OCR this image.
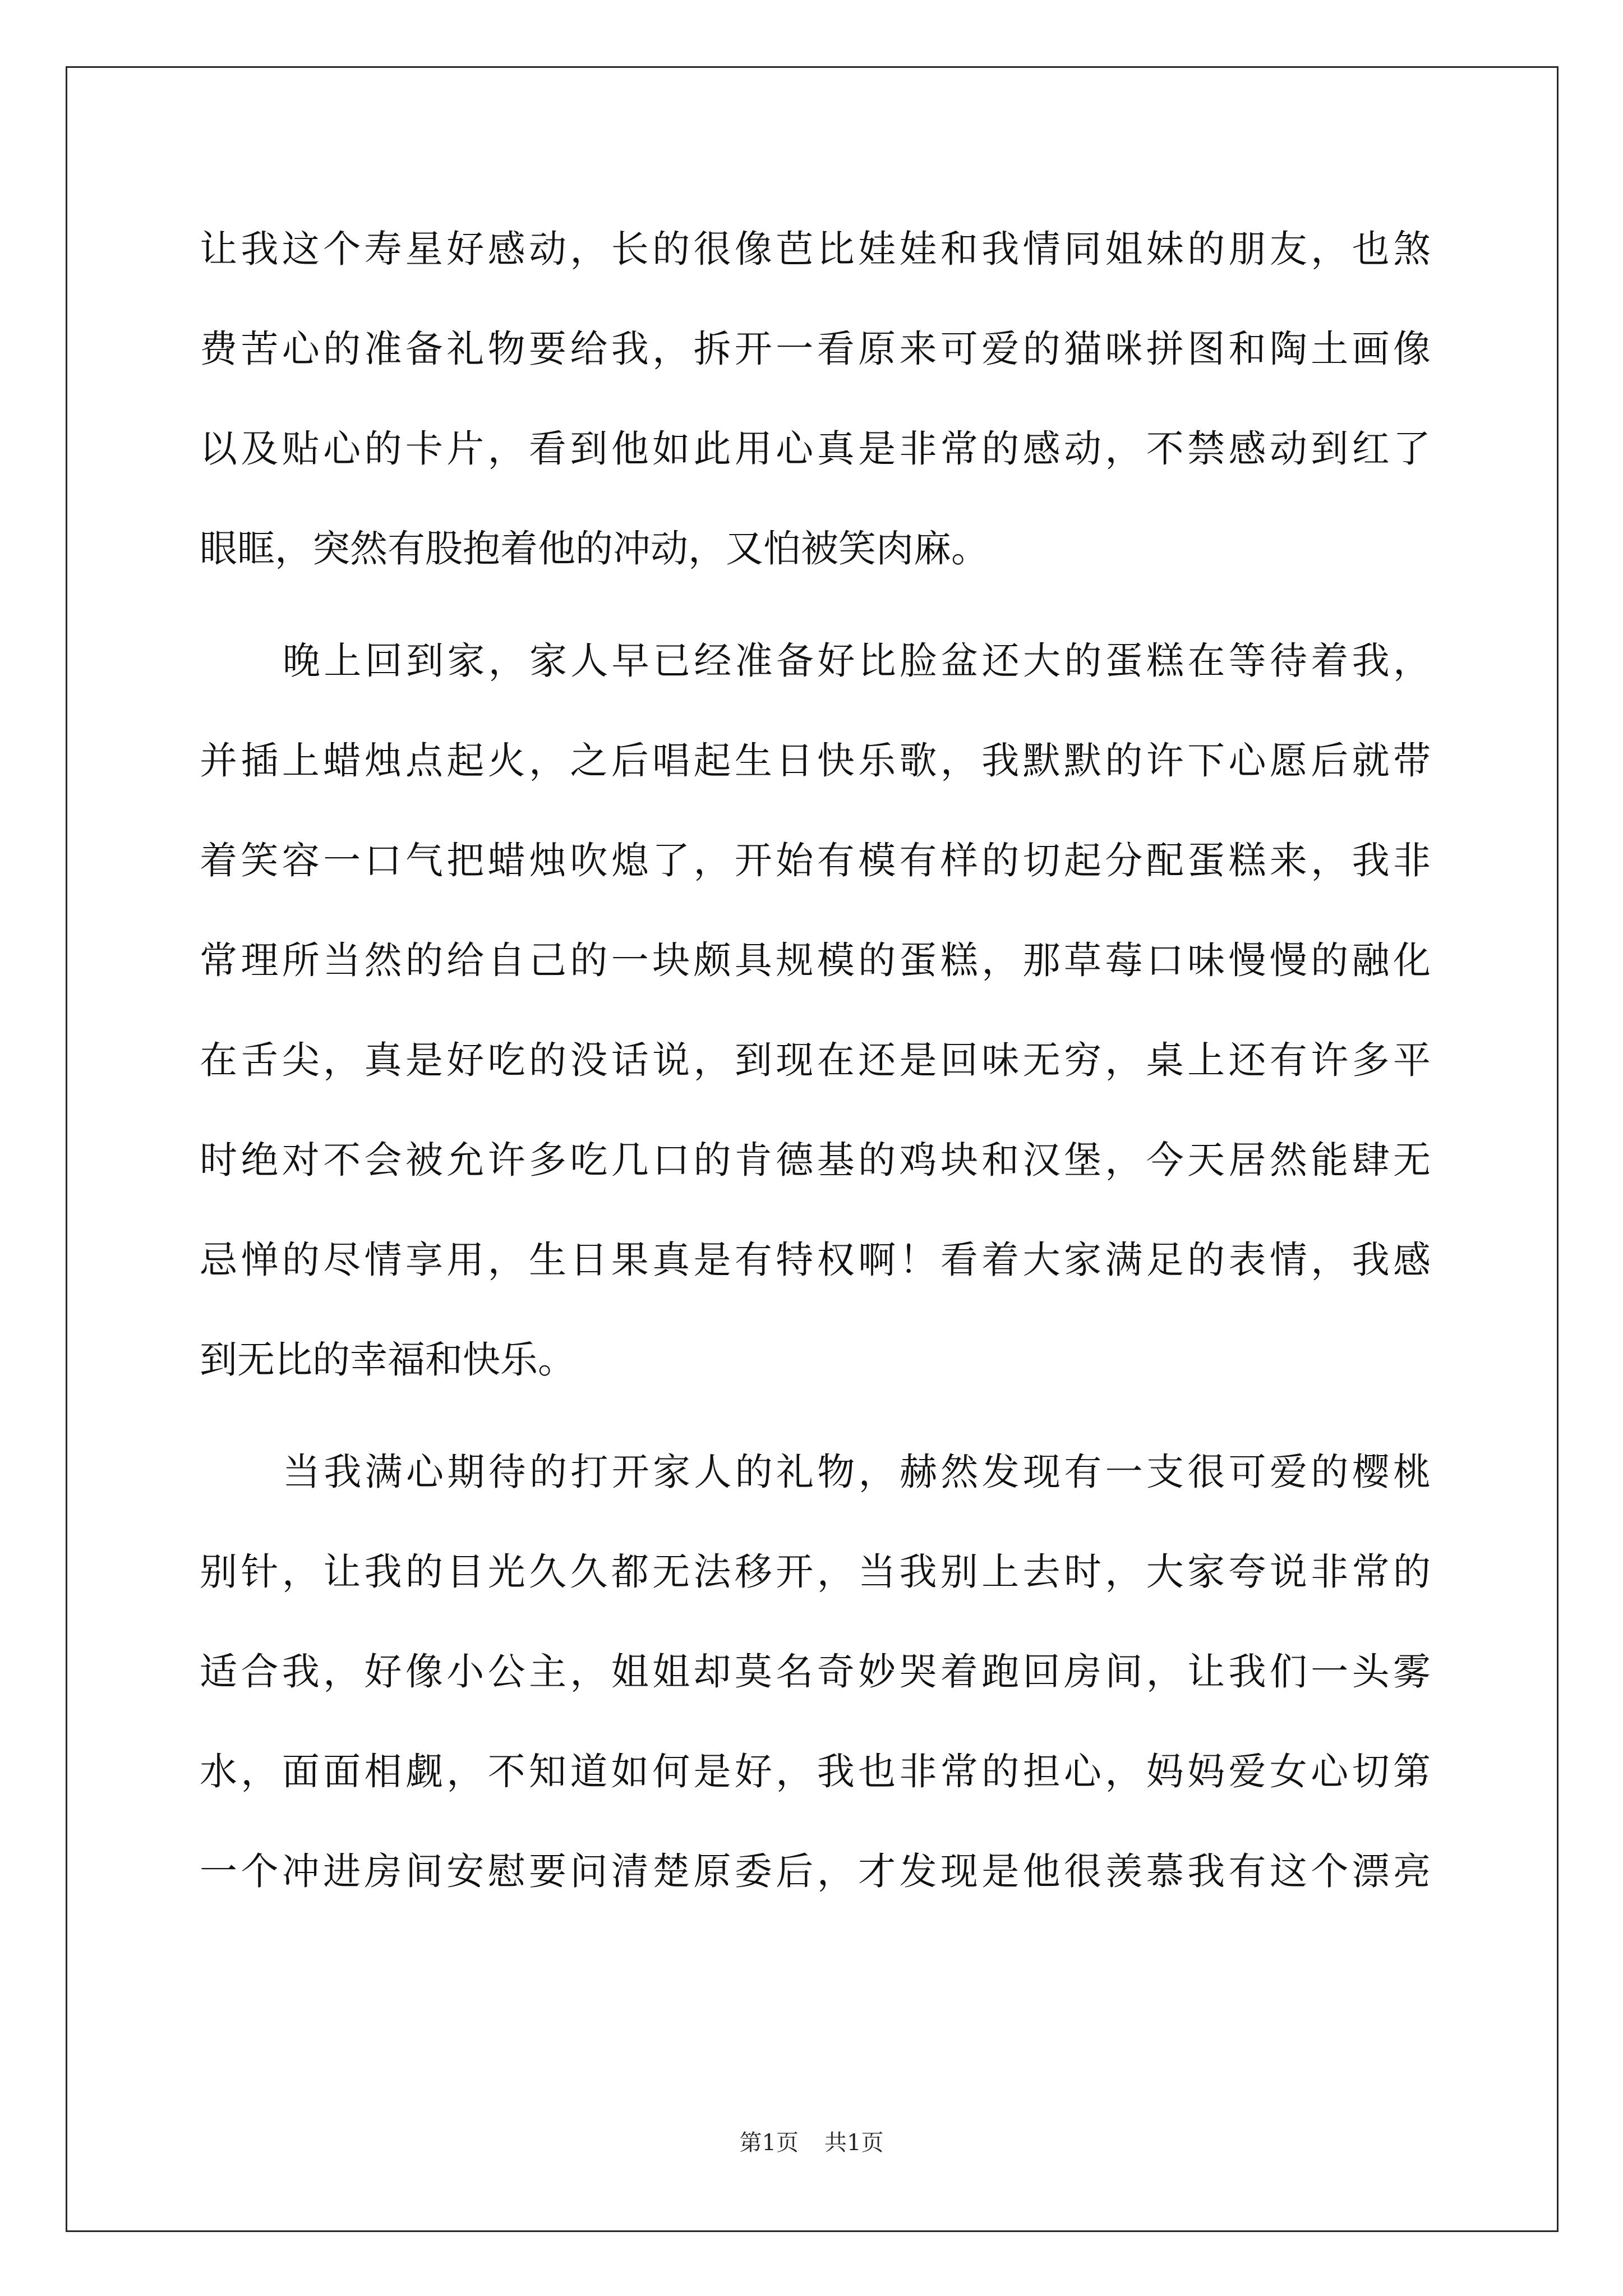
让我这个寿星好感动，长的很像芭比娃娃和我情同姐妹的朋友，也煞
费苦心的准备礼物要给我，拆开一看原来可爱的猫咪拼图和陶土画像
以及贴心的卡片，看到他如此用心真是非常的感动，不禁感动到红了
眼眶，突然有股抱着他的冲动，又怕被笑肉麻。
晚上回到家，家人早已经准备好比脸盆还大的蛋糕在等待着我，
并插上蜡烛点起火，之后唱起生日快乐歌，我默默的许下心愿后就带
着笑容一口气把蜡烛吹熄了，开始有模有样的切起分配蛋糕来，我非
常理所当然的给自己的一块颇具规模的蛋糕，那草莓口味慢慢的融化
在舌尖，真是好吃的没话说，到现在还是回味无穷，桌上还有许多平
时绝对不会被允许多吃几口的肯德基的鸡块和汉堡，今天居然能肆无
忌惮的尽情享用，生日果真是有特权啊！看着大家满足的表情，我感
到无比的幸福和快乐。
当我满心期待的打开家人的礼物，赫然发现有一支很可爱的樱桃
别针，让我的目光久久都无法移开，当我别上去时，大家夸说非常的
适合我，好像小公主，姐姐却莫名奇妙哭着跑回房间，让我们一头雾
水，面面相觑，不知道如何是好，我也非常的担心，妈妈爱女心切第
一个冲进房间安慰要问清楚原委后，才发现是他很羡慕我有这个漂亮
第1页 共1页
